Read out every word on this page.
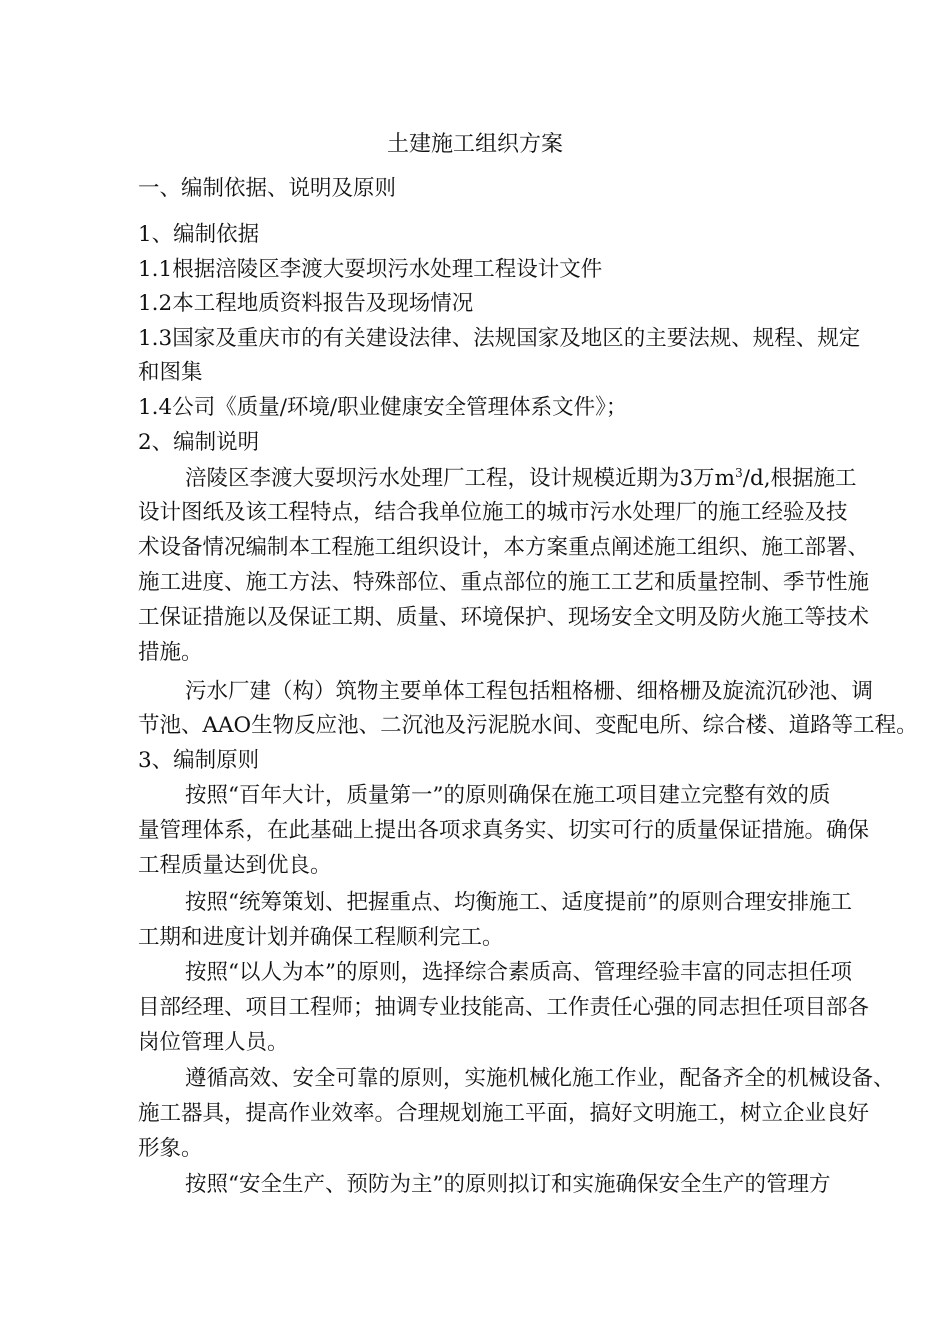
土建施工组织方案
一、编制依据、说明及原则
1、编制依据
1.1根据涪陵区李渡大耍坝污水处理工程设计文件
1.2本工程地质资料报告及现场情况
1.3国家及重庆市的有关建设法律、法规国家及地区的主要法规、规程、规定
和图集
1.4公司《质量/环境/职业健康安全管理体系文件》；
2、编制说明
涪陵区李渡大耍坝污水处理厂工程，设计规模近期为3万$m^3/d$,根据施工
设计图纸及该工程特点，结合我单位施工的城市污水处理厂的施工经验及技
术设备情况编制本工程施工组织设计，本方案重点阐述施工组织、施工部署、
施工进度、施工方法、特殊部位、重点部位的施工工艺和质量控制、季节性施
工保证措施以及保证工期、质量、环境保护、现场安全文明及防火施工等技术
措施。
污水厂建（构）筑物主要单体工程包括粗格栅、细格栅及旋流沉砂池、调
节池、AAO生物反应池、二沉池及污泥脱水间、变配电所、综合楼、道路等工程。
3、编制原则
按照“百年大计，质量第一”的原则确保在施工项目建立完整有效的质
量管理体系，在此基础上提出各项求真务实、切实可行的质量保证措施。确保
工程质量达到优良。
按照“统筹策划、把握重点、均衡施工、适度提前”的原则合理安排施工
工期和进度计划并确保工程顺利完工。
按照“以人为本”的原则，选择综合素质高、管理经验丰富的同志担任项
目部经理、项目工程师；抽调专业技能高、工作责任心强的同志担任项目部各
岗位管理人员。
遵循高效、安全可靠的原则，实施机械化施工作业，配备齐全的机械设备、
施工器具，提高作业效率。合理规划施工平面，搞好文明施工，树立企业良好
形象。
按照“安全生产、预防为主”的原则拟订和实施确保安全生产的管理方
